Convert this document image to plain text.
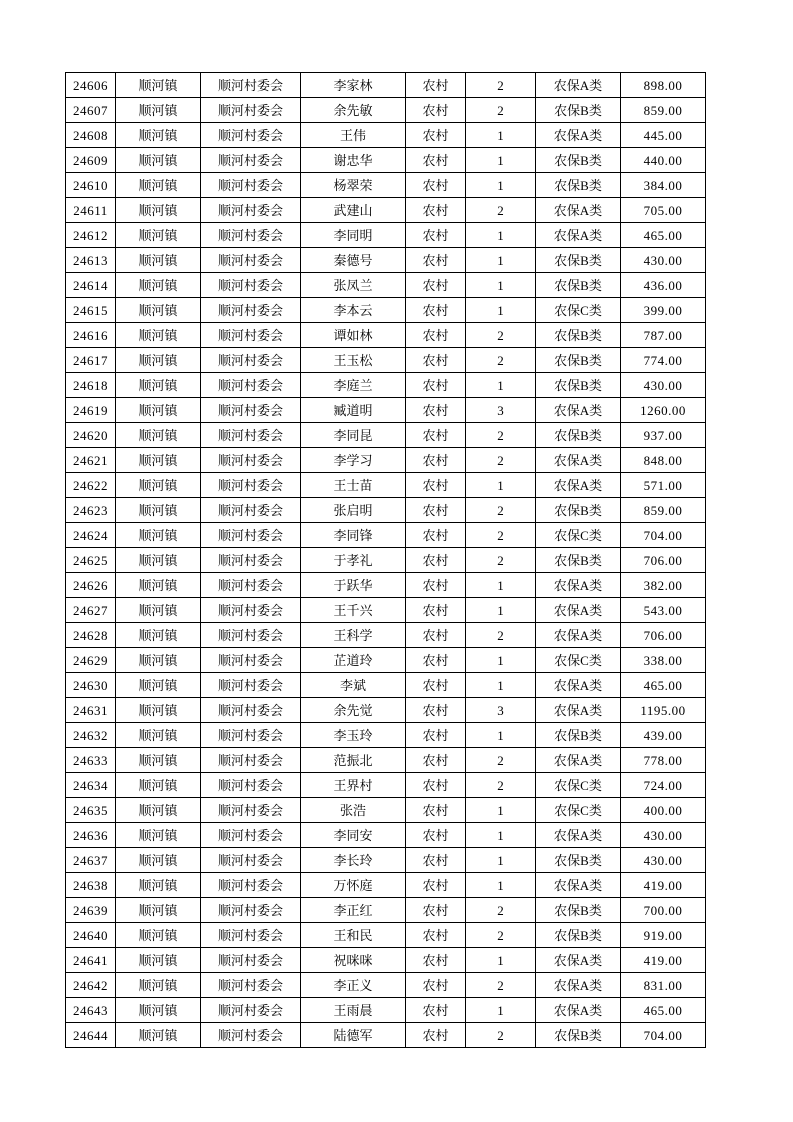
24606	顺河镇	顺河村委会	李家林	农村	2	农保A类	898.00
24607	顺河镇	顺河村委会	余先敏	农村	2	农保B类	859.00
24608	顺河镇	顺河村委会	王伟	农村	1	农保A类	445.00
24609	顺河镇	顺河村委会	谢忠华	农村	1	农保B类	440.00
24610	顺河镇	顺河村委会	杨翠荣	农村	1	农保B类	384.00
24611	顺河镇	顺河村委会	武建山	农村	2	农保A类	705.00
24612	顺河镇	顺河村委会	李同明	农村	1	农保A类	465.00
24613	顺河镇	顺河村委会	秦德号	农村	1	农保B类	430.00
24614	顺河镇	顺河村委会	张凤兰	农村	1	农保B类	436.00
24615	顺河镇	顺河村委会	李本云	农村	1	农保C类	399.00
24616	顺河镇	顺河村委会	谭如林	农村	2	农保B类	787.00
24617	顺河镇	顺河村委会	王玉松	农村	2	农保B类	774.00
24618	顺河镇	顺河村委会	李庭兰	农村	1	农保B类	430.00
24619	顺河镇	顺河村委会	臧道明	农村	3	农保A类	1260.00
24620	顺河镇	顺河村委会	李同昆	农村	2	农保B类	937.00
24621	顺河镇	顺河村委会	李学习	农村	2	农保A类	848.00
24622	顺河镇	顺河村委会	王士苗	农村	1	农保A类	571.00
24623	顺河镇	顺河村委会	张启明	农村	2	农保B类	859.00
24624	顺河镇	顺河村委会	李同锋	农村	2	农保C类	704.00
24625	顺河镇	顺河村委会	于孝礼	农村	2	农保B类	706.00
24626	顺河镇	顺河村委会	于跃华	农村	1	农保A类	382.00
24627	顺河镇	顺河村委会	王千兴	农村	1	农保A类	543.00
24628	顺河镇	顺河村委会	王科学	农村	2	农保A类	706.00
24629	顺河镇	顺河村委会	芷道玲	农村	1	农保C类	338.00
24630	顺河镇	顺河村委会	李斌	农村	1	农保A类	465.00
24631	顺河镇	顺河村委会	余先觉	农村	3	农保A类	1195.00
24632	顺河镇	顺河村委会	李玉玲	农村	1	农保B类	439.00
24633	顺河镇	顺河村委会	范振北	农村	2	农保A类	778.00
24634	顺河镇	顺河村委会	王界村	农村	2	农保C类	724.00
24635	顺河镇	顺河村委会	张浩	农村	1	农保C类	400.00
24636	顺河镇	顺河村委会	李同安	农村	1	农保A类	430.00
24637	顺河镇	顺河村委会	李长玲	农村	1	农保B类	430.00
24638	顺河镇	顺河村委会	万怀庭	农村	1	农保A类	419.00
24639	顺河镇	顺河村委会	李正红	农村	2	农保B类	700.00
24640	顺河镇	顺河村委会	王和民	农村	2	农保B类	919.00
24641	顺河镇	顺河村委会	祝咪咪	农村	1	农保A类	419.00
24642	顺河镇	顺河村委会	李正义	农村	2	农保A类	831.00
24643	顺河镇	顺河村委会	王雨晨	农村	1	农保A类	465.00
24644	顺河镇	顺河村委会	陆德军	农村	2	农保B类	704.00
